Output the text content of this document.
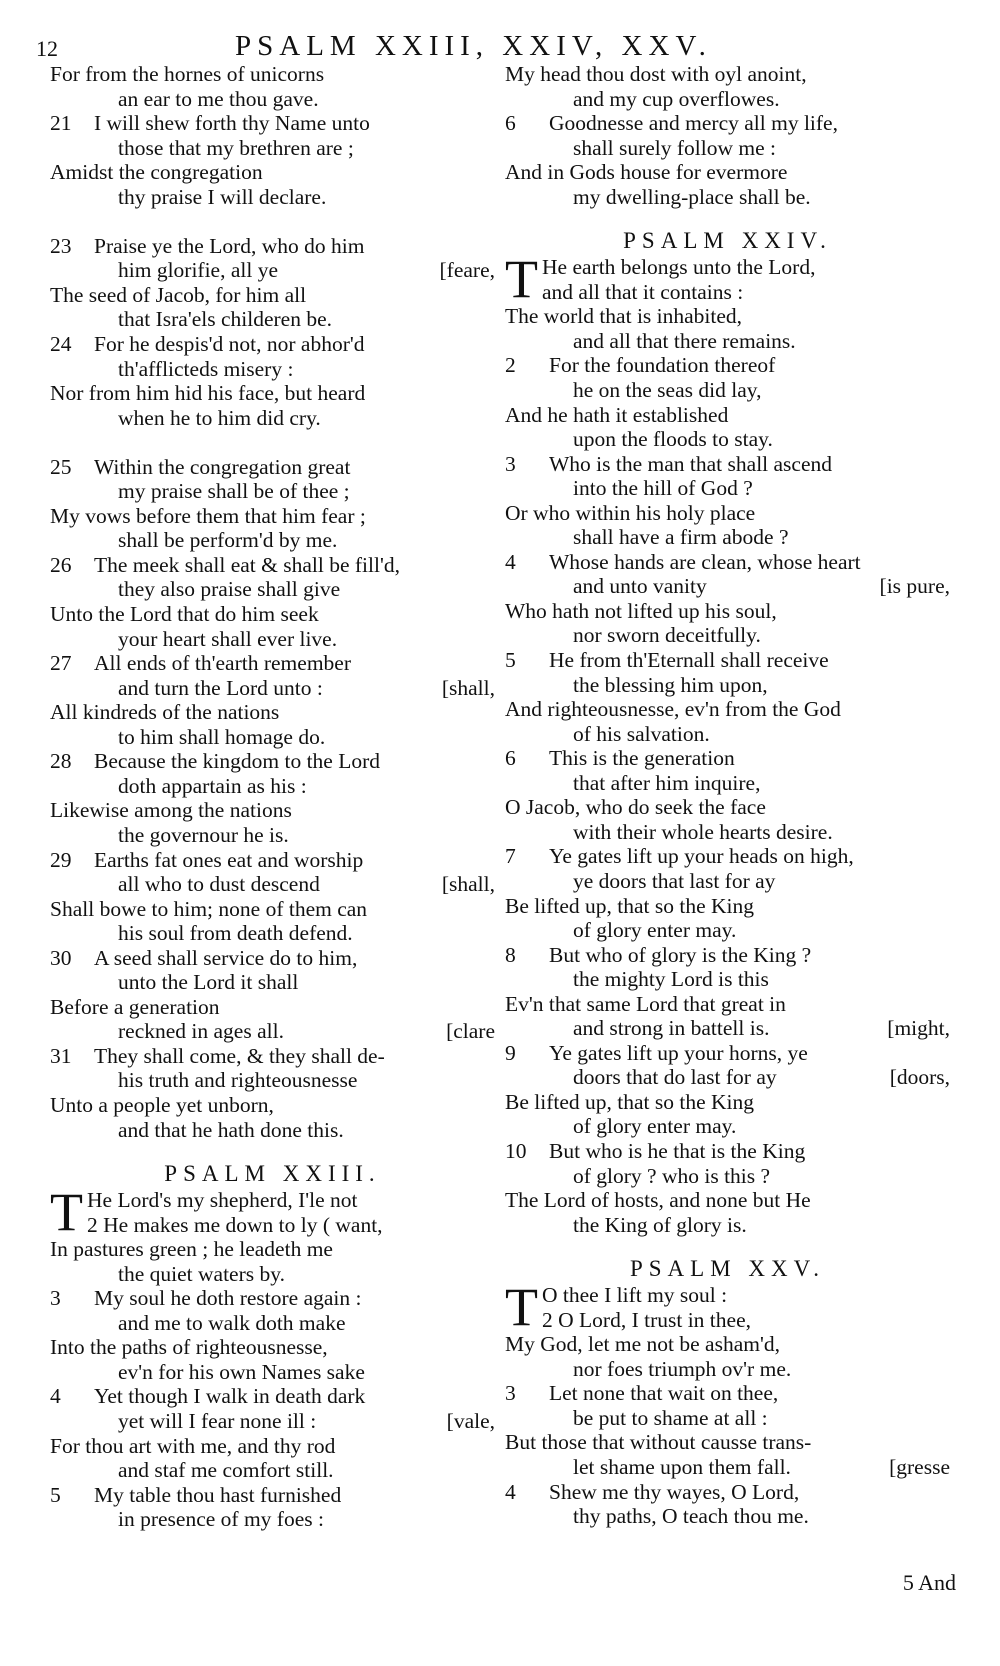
12	PSALM XXIII, XXIV, XXV.
For from the hornes of unicorns
an ear to me thou gave.
21 I will shew forth thy Name unto
those that my brethren are ;
Amidst the congregation
thy praise I will declare.
23 Praise ye the Lord, who do him
him glorifie, all ye	[feare,
The seed of Jacob, for him all
that Isra'els childeren be.
24 For he despis'd not, nor abhor'd
th'afflicteds misery :
Nor from him hid his face, but heard
when he to him did cry.
25 Within the congregation great
my praise shall be of thee ;
My vows before them that him fear ;
shall be perform'd by me.
26 The meek shall eat & shall be fill'd,
they also praise shall give
Unto the Lord that do him seek
your heart shall ever live.
27 All ends of th'earth remember
and turn the Lord unto :	[shall,
All kindreds of the nations
to him shall homage do.
28 Because the kingdom to the Lord
doth appartain as his :
Likewise among the nations
the governour he is.
29 Earths fat ones eat and worship
all who to dust descend	[shall,
Shall bowe to him; none of them can
his soul from death defend.
30 A seed shall service do to him,
unto the Lord it shall
Before a generation
reckned in ages all.	[clare
31 They shall come, & they shall de-
his truth and righteousnesse
Unto a people yet unborn,
and that he hath done this.
PSALM XXIII.
T He Lord's my shepherd, I'le not
2 He makes me down to ly ( want,
In pastures green ; he leadeth me
the quiet waters by.
3 My soul he doth restore again :
and me to walk doth make
Into the paths of righteousnesse,
ev'n for his own Names sake
4 Yet though I walk in death dark
yet will I fear none ill :	[vale,
For thou art with me, and thy rod
and staf me comfort still.
5 My table thou hast furnished
in presence of my foes :
My head thou dost with oyl anoint,
and my cup overflowes.
6 Goodnesse and mercy all my life,
shall surely follow me :
And in Gods house for evermore
my dwelling-place shall be.
PSALM XXIV.
T He earth belongs unto the Lord,
and all that it contains :
The world that is inhabited,
and all that there remains.
2 For the foundation thereof
he on the seas did lay,
And he hath it established
upon the floods to stay.
3 Who is the man that shall ascend
into the hill of God ?
Or who within his holy place
shall have a firm abode ?
4 Whose hands are clean, whose heart
and unto vanity	[is pure,
Who hath not lifted up his soul,
nor sworn deceitfully.
5 He from th'Eternall shall receive
the blessing him upon,
And righteousnesse, ev'n from the God
of his salvation.
6 This is the generation
that after him inquire,
O Jacob, who do seek the face
with their whole hearts desire.
7 Ye gates lift up your heads on high,
ye doors that last for ay
Be lifted up, that so the King
of glory enter may.
8 But who of glory is the King ?
the mighty Lord is this
Ev'n that same Lord that great in
and strong in battell is.	[might,
9 Ye gates lift up your horns, ye
doors that do last for ay	[doors,
Be lifted up, that so the King
of glory enter may.
10 But who is he that is the King
of glory ? who is this ?
The Lord of hosts, and none but He
the King of glory is.
PSALM XXV.
T O thee I lift my soul :
2 O Lord, I trust in thee,
My God, let me not be asham'd,
nor foes triumph ov'r me.
3 Let none that wait on thee,
be put to shame at all :
But those that without causse trans-
let shame upon them fall.	[gresse
4 Shew me thy wayes, O Lord,
thy paths, O teach thou me.
5 And
